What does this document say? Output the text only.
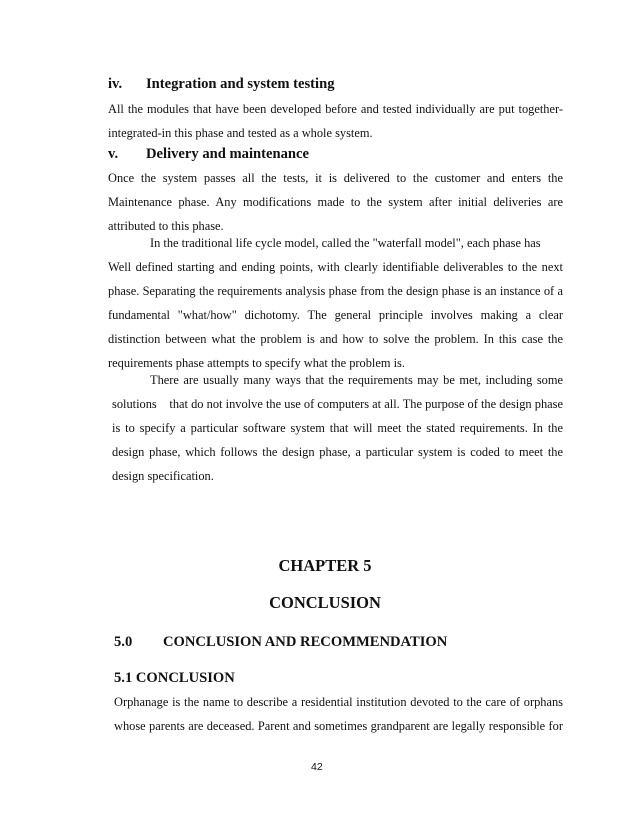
iv. Integration and system testing
All the modules that have been developed before and tested individually are put together-
integrated-in this phase and tested as a whole system.
v. Delivery and maintenance
Once the system passes all the tests, it is delivered to the customer and enters the
Maintenance phase. Any modifications made to the system after initial deliveries are
attributed to this phase.
In the traditional life cycle model, called the "waterfall model", each phase has
Well defined starting and ending points, with clearly identifiable deliverables to the next
phase. Separating the requirements analysis phase from the design phase is an instance of a
fundamental "what/how" dichotomy. The general principle involves making a clear
distinction between what the problem is and how to solve the problem. In this case the
requirements phase attempts to specify what the problem is.
There are usually many ways that the requirements may be met, including some
solutions    that do not involve the use of computers at all. The purpose of the design phase
is to specify a particular software system that will meet the stated requirements. In the
design phase, which follows the design phase, a particular system is coded to meet the
design specification.
CHAPTER 5
CONCLUSION
5.0 CONCLUSION AND RECOMMENDATION
5.1 CONCLUSION
Orphanage is the name to describe a residential institution devoted to the care of orphans
whose parents are deceased. Parent and sometimes grandparent are legally responsible for
42
